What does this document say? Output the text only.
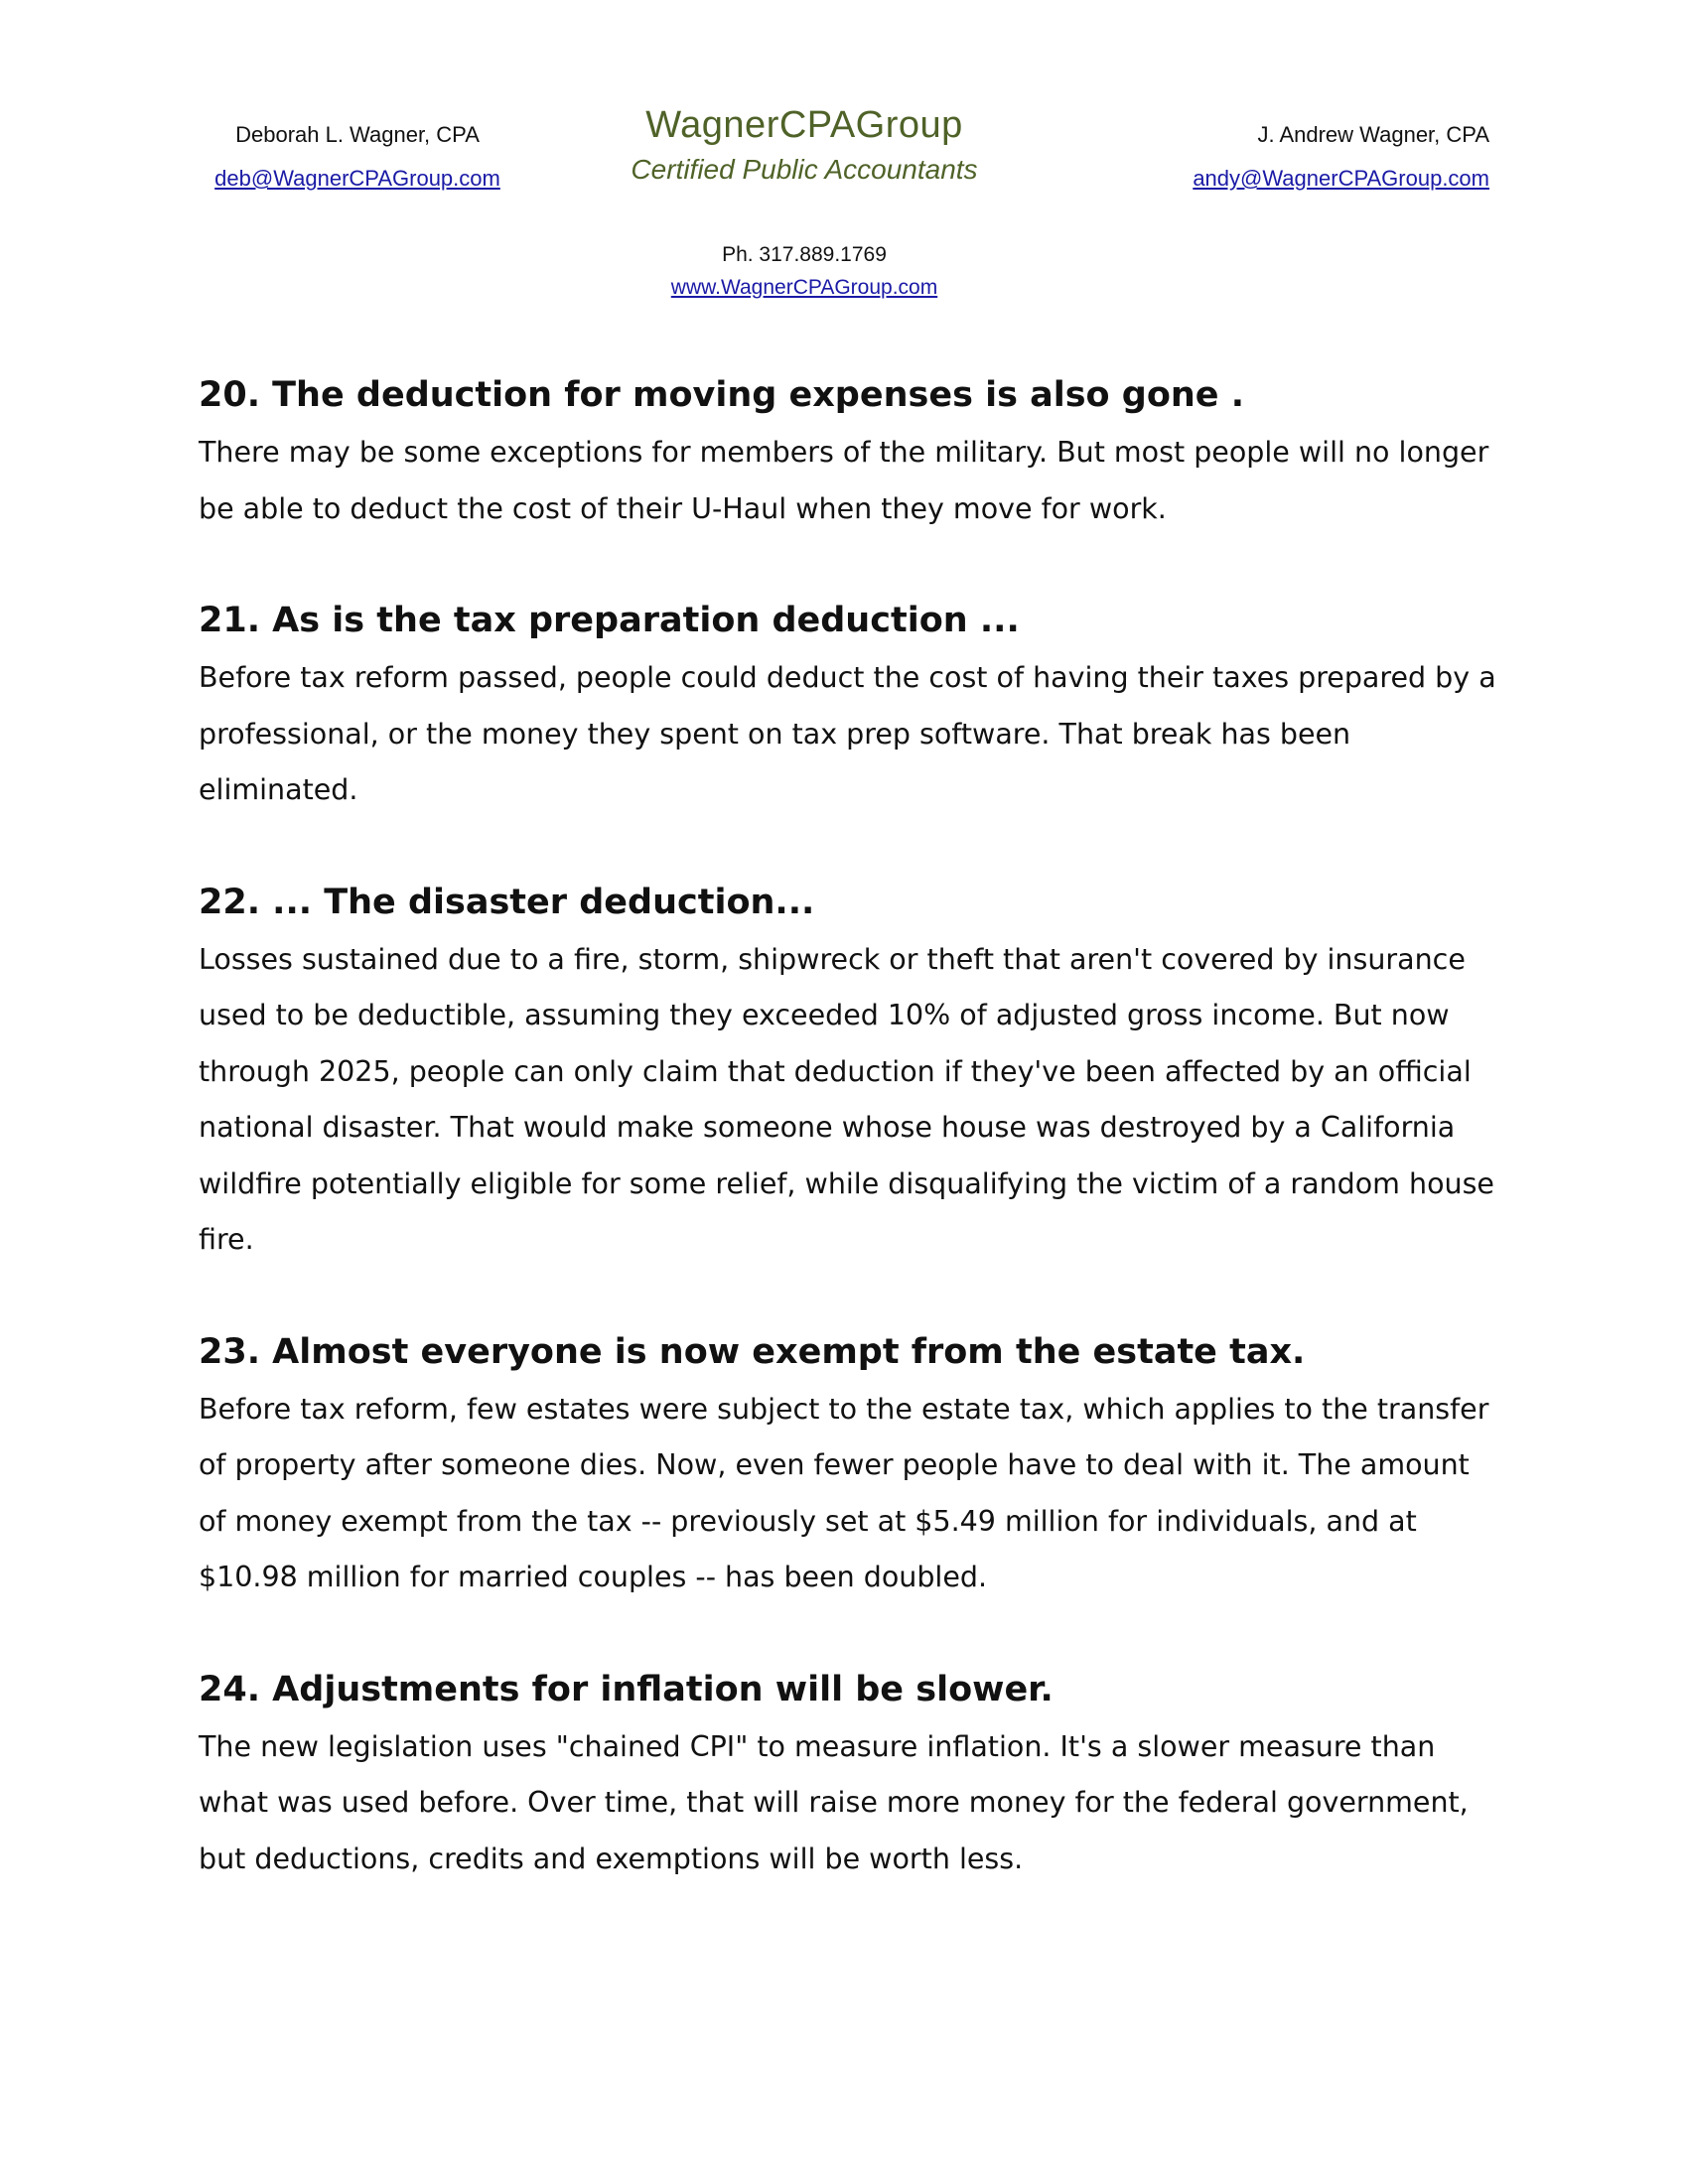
Deborah L. Wagner, CPA
deb@WagnerCPAGroup.com
WagnerCPAGroup
Certified Public Accountants
J. Andrew Wagner, CPA
andy@WagnerCPAGroup.com
Ph. 317.889.1769
www.WagnerCPAGroup.com
20. The deduction for moving expenses is also gone .

There may be some exceptions for members of the military. But most people will no longer be able to deduct the cost of their U-Haul when they move for work.

21. As is the tax preparation deduction ...

Before tax reform passed, people could deduct the cost of having their taxes prepared by a professional, or the money they spent on tax prep software. That break has been eliminated.

22. ... The disaster deduction...

Losses sustained due to a fire, storm, shipwreck or theft that aren't covered by insurance used to be deductible, assuming they exceeded 10% of adjusted gross income. But now through 2025, people can only claim that deduction if they've been affected by an official national disaster. That would make someone whose house was destroyed by a California wildfire potentially eligible for some relief, while disqualifying the victim of a random house fire.

23. Almost everyone is now exempt from the estate tax.

Before tax reform, few estates were subject to the estate tax, which applies to the transfer of property after someone dies. Now, even fewer people have to deal with it. The amount of money exempt from the tax -- previously set at $5.49 million for individuals, and at $10.98 million for married couples -- has been doubled.

24. Adjustments for inflation will be slower.

The new legislation uses "chained CPI" to measure inflation. It's a slower measure than what was used before. Over time, that will raise more money for the federal government, but deductions, credits and exemptions will be worth less.
